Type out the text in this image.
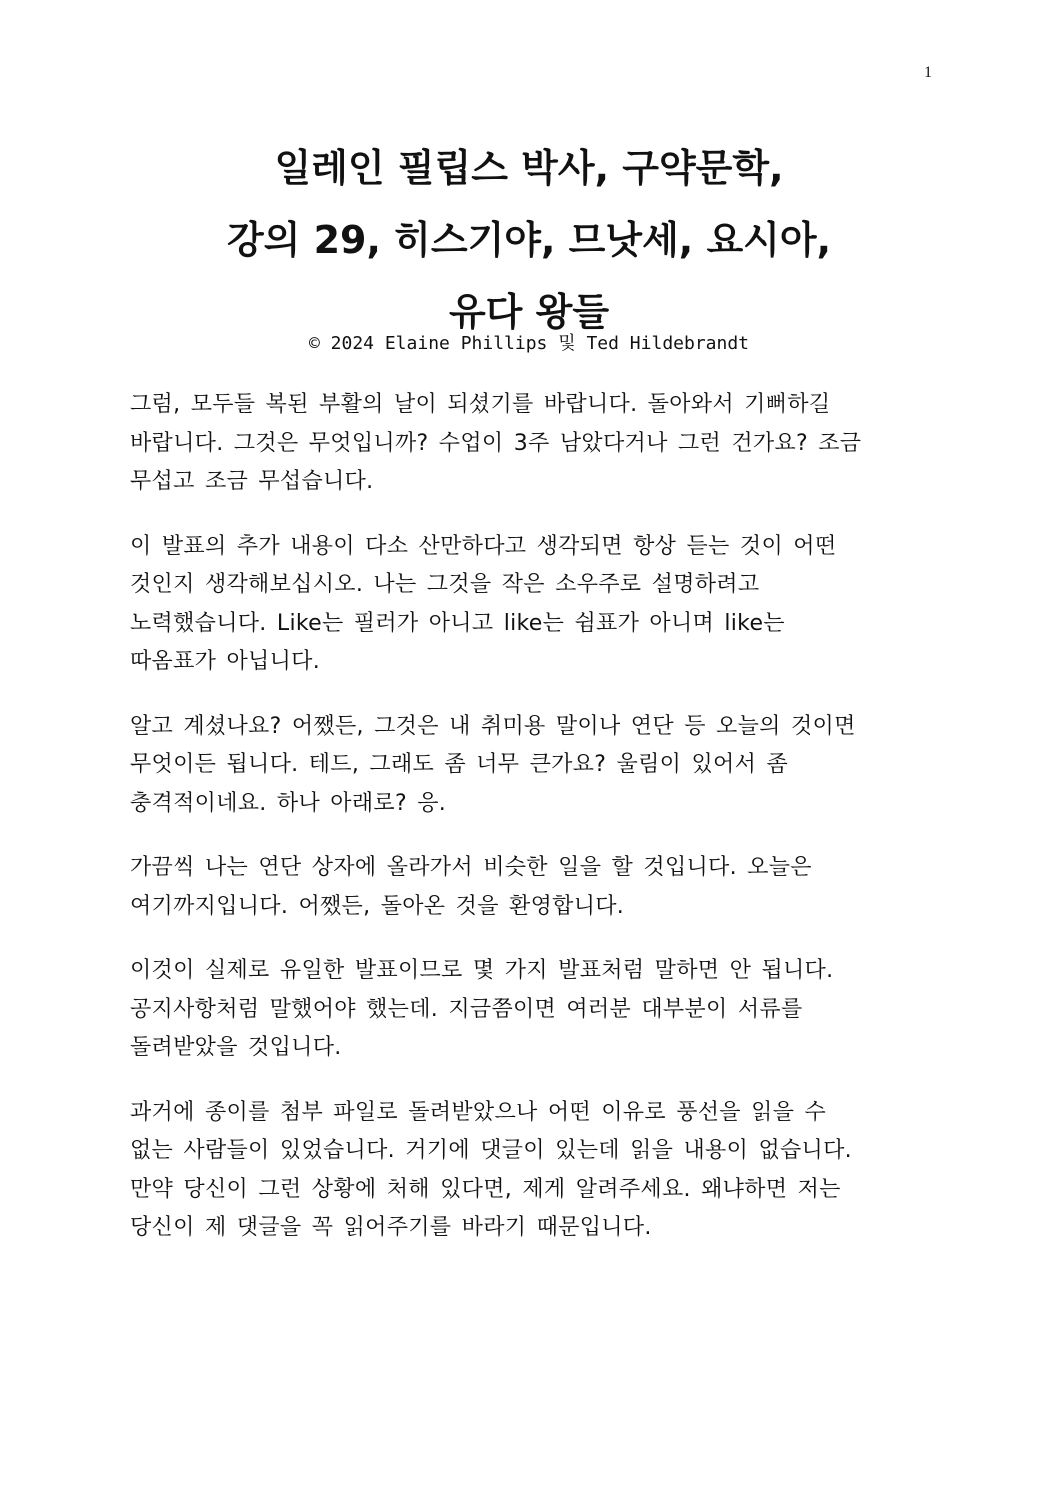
1
일레인 필립스 박사, 구약문학,
강의 29, 히스기야, 므낫세, 요시아,
유다 왕들
© 2024 Elaine Phillips 및 Ted Hildebrandt

그럼, 모두들 복된 부활의 날이 되셨기를 바랍니다. 돌아와서 기뻐하길
바랍니다. 그것은 무엇입니까? 수업이 3주 남았다거나 그런 건가요? 조금
무섭고 조금 무섭습니다.

이 발표의 추가 내용이 다소 산만하다고 생각되면 항상 듣는 것이 어떤
것인지 생각해보십시오. 나는 그것을 작은 소우주로 설명하려고
노력했습니다. Like는 필러가 아니고 like는 쉼표가 아니며 like는
따옴표가 아닙니다.

알고 계셨나요? 어쨌든, 그것은 내 취미용 말이나 연단 등 오늘의 것이면
무엇이든 됩니다. 테드, 그래도 좀 너무 큰가요? 울림이 있어서 좀
충격적이네요. 하나 아래로? 응.

가끔씩 나는 연단 상자에 올라가서 비슷한 일을 할 것입니다. 오늘은
여기까지입니다. 어쨌든, 돌아온 것을 환영합니다.

이것이 실제로 유일한 발표이므로 몇 가지 발표처럼 말하면 안 됩니다.
공지사항처럼 말했어야 했는데. 지금쯤이면 여러분 대부분이 서류를
돌려받았을 것입니다.

과거에 종이를 첨부 파일로 돌려받았으나 어떤 이유로 풍선을 읽을 수
없는 사람들이 있었습니다. 거기에 댓글이 있는데 읽을 내용이 없습니다.
만약 당신이 그런 상황에 처해 있다면, 제게 알려주세요. 왜냐하면 저는
당신이 제 댓글을 꼭 읽어주기를 바라기 때문입니다.
